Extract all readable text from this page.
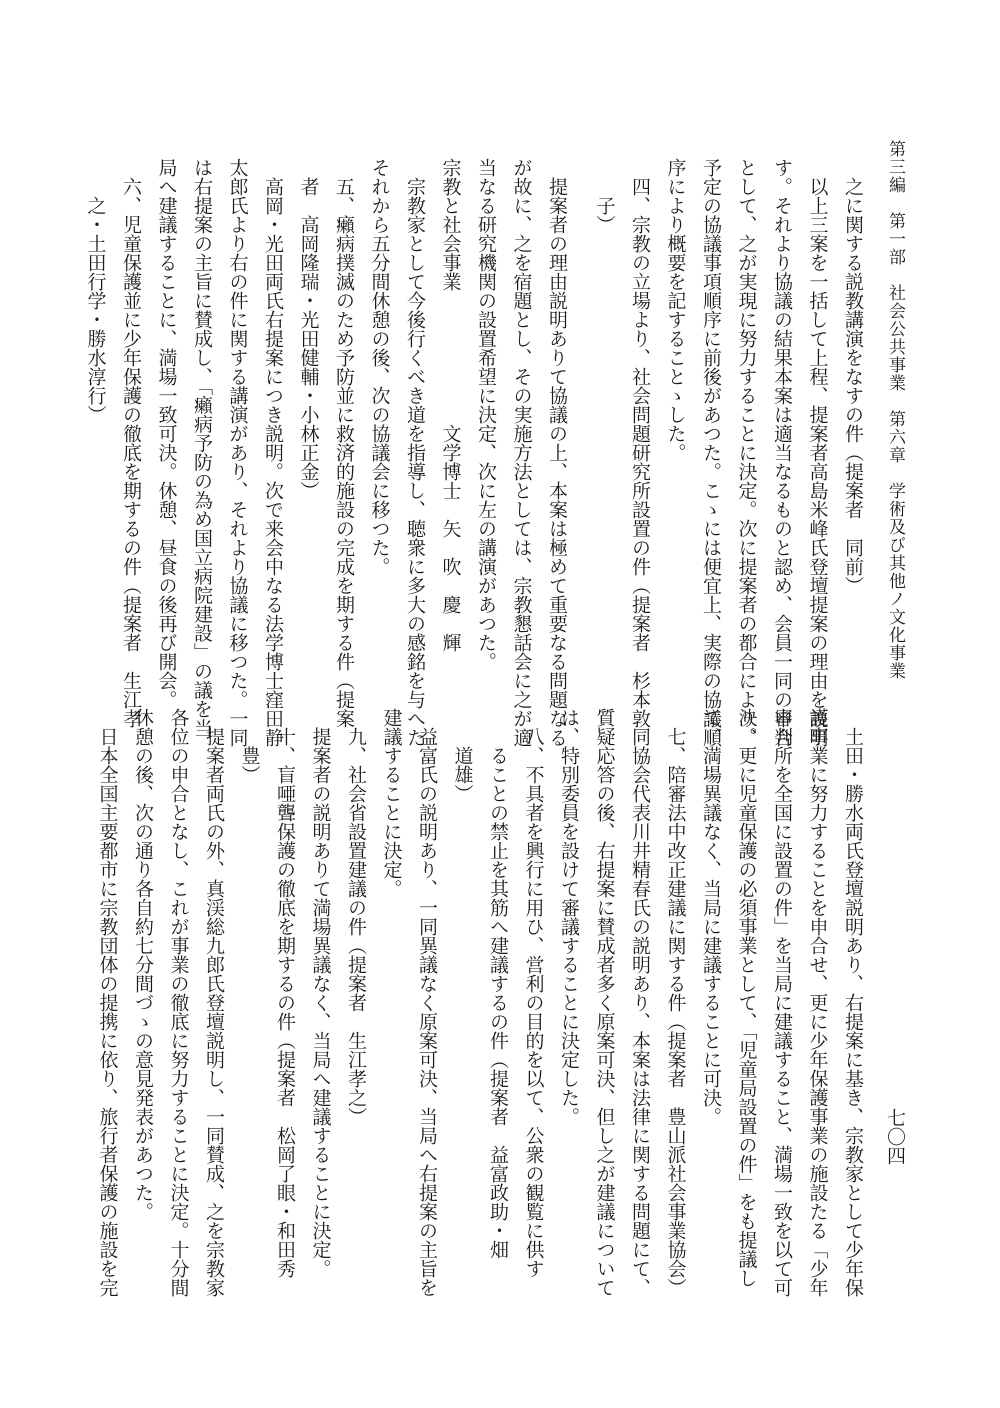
第三編　第一部　社会公共事業　第六章　学術及び其他ノ文化事業
七〇四
之に関する説教講演をなすの件（提案者　同前）
以上三案を一括して上程、提案者高島米峰氏登壇提案の理由を説明
す。それより協議の結果本案は適当なるものと認め、会員一同の申合
として、之が実現に努力することに決定。次に提案者の都合により、
予定の協議事項順序に前後があつた。こゝには便宜上、実際の協議順
序により概要を記することゝした。
四、宗教の立場より、社会問題研究所設置の件（提案者　杉本敦
子）
提案者の理由説明ありて協議の上、本案は極めて重要なる問題なる
が故に、之を宿題とし、その実施方法としては、宗教懇話会に之が適
当なる研究機関の設置希望に決定、次に左の講演があつた。
宗教と社会事業　　　　　　　文学博士　矢　吹　慶　輝
宗教家として今後行くべき道を指導し、聴衆に多大の感銘を与へた
それから五分間休憩の後、次の協議会に移つた。
五、癩病撲滅のため予防並に救済的施設の完成を期する件（提案
者　高岡隆瑞・光田健輔・小林正金）
高岡・光田両氏右提案につき説明。次で来会中なる法学博士窪田静
太郎氏より右の件に関する講演があり、それより協議に移つた。一同
は右提案の主旨に賛成し、「癩病予防の為め国立病院建設」の議を当
局へ建議することに、満場一致可決。休憩、昼食の後再び開会。
六、児童保護並に少年保護の徹底を期するの件（提案者　生江孝
之・土田行学・勝水淳行）
土田・勝水両氏登壇説明あり、右提案に基き、宗教家として少年保
護事業に努力することを申合せ、更に少年保護事業の施設たる「少年
審判所を全国に設置の件」を当局に建議すること、満場一致を以て可
決。更に児童保護の必須事業として、「児童局設置の件」をも提議し
て、満場異議なく、当局に建議することに可決。
七、陪審法中改正建議に関する件（提案者　豊山派社会事業協会）
同協会代表川井精春氏の説明あり、本案は法律に関する問題にて、
質疑応答の後、右提案に賛成者多く原案可決、但し之が建議について
は、特別委員を設けて審議することに決定した。
八、不具者を興行に用ひ、営利の目的を以て、公衆の観覧に供す
ることの禁止を其筋へ建議するの件（提案者　益富政助・畑
道雄）
益富氏の説明あり、一同異議なく原案可決、当局へ右提案の主旨を
建議することに決定。
九、社会省設置建議の件（提案者　生江孝之）
提案者の説明ありて満場異議なく、当局へ建議することに決定。
十、盲唖聾保護の徹底を期するの件（提案者　松岡了眼・和田秀
豊）
提案者両氏の外、真渓総九郎氏登壇説明し、一同賛成、之を宗教家
各位の申合となし、これが事業の徹底に努力することに決定。十分間
休憩の後、次の通り各自約七分間づゝの意見発表があつた。
日本全国主要都市に宗教団体の提携に依り、旅行者保護の施設を完
